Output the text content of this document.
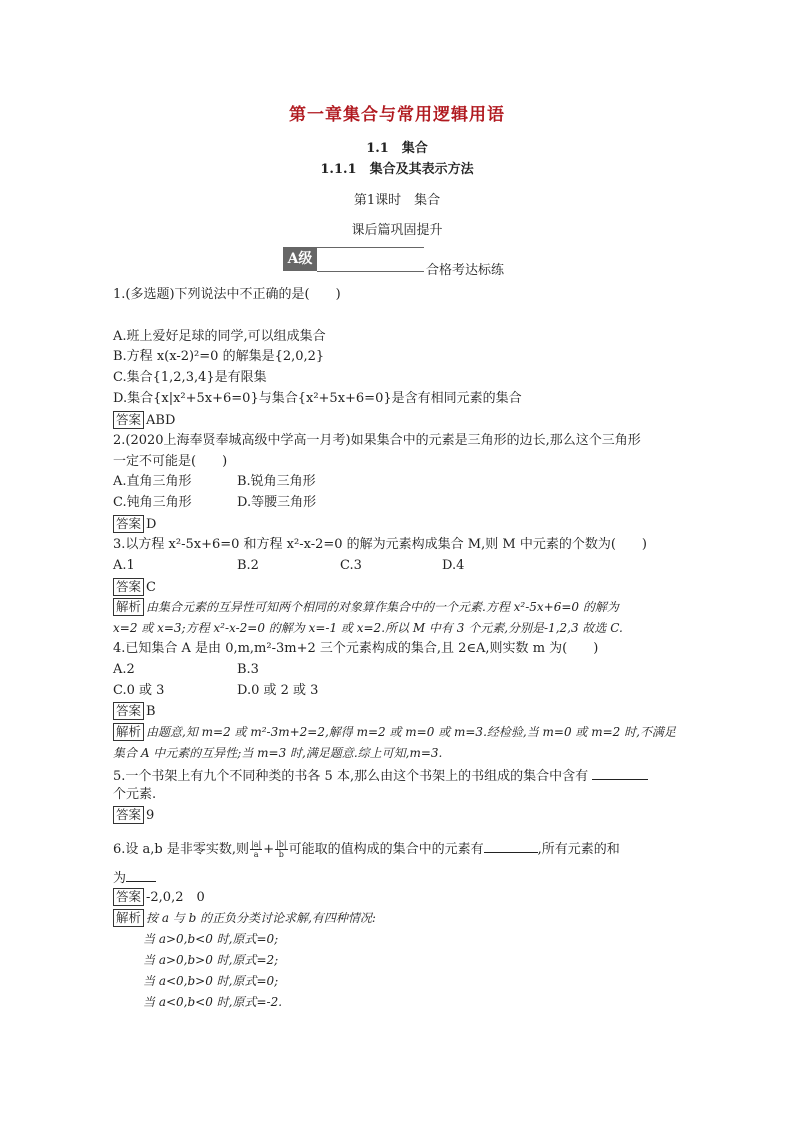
第一章集合与常用逻辑用语
1.1　集合
1.1.1　集合及其表示方法
第1课时　集合
课后篇巩固提升
A级
合格考达标练
1.(多选题)下列说法中不正确的是(　　)
A.班上爱好足球的同学,可以组成集合
B.方程 x(x-2)²=0 的解集是{2,0,2}
C.集合{1,2,3,4}是有限集
D.集合{x|x²+5x+6=0}与集合{x²+5x+6=0}是含有相同元素的集合
答案 ABD
2.(2020上海奉贤奉城高级中学高一月考)如果集合中的元素是三角形的边长,那么这个三角形
一定不可能是(　　)
A.直角三角形	B.锐角三角形
C.钝角三角形	D.等腰三角形
答案 D
3.以方程 x²-5x+6=0 和方程 x²-x-2=0 的解为元素构成集合 M,则 M 中元素的个数为(　　)
A.1	B.2	C.3	D.4
答案 C
解析 由集合元素的互异性可知两个相同的对象算作集合中的一个元素.方程 x²-5x+6=0 的解为
x=2 或 x=3;方程 x²-x-2=0 的解为 x=-1 或 x=2.所以 M 中有 3 个元素,分别是-1,2,3 故选 C.
4.已知集合 A 是由 0,m,m²-3m+2 三个元素构成的集合,且 2∈A,则实数 m 为(　　)
A.2	B.3
C.0 或 3	D.0 或 2 或 3
答案 B
解析 由题意,知 m=2 或 m²-3m+2=2,解得 m=2 或 m=0 或 m=3.经检验,当 m=0 或 m=2 时,不满足
集合 A 中元素的互异性;当 m=3 时,满足题意.综上可知,m=3.
5.一个书架上有九个不同种类的书各 5 本,那么由这个书架上的书组成的集合中含有
个元素.
答案 9
6.设 a,b 是非零实数,则 $\frac{|a|}{a} + \frac{|b|}{b}$ 可能取的值构成的集合中的元素有	,所有元素的和
为
答案 -2,0,2　0
解析 按 a 与 b 的正负分类讨论求解,有四种情况:
当 a>0,b<0 时,原式=0;
当 a>0,b>0 时,原式=2;
当 a<0,b>0 时,原式=0;
当 a<0,b<0 时,原式=-2.
